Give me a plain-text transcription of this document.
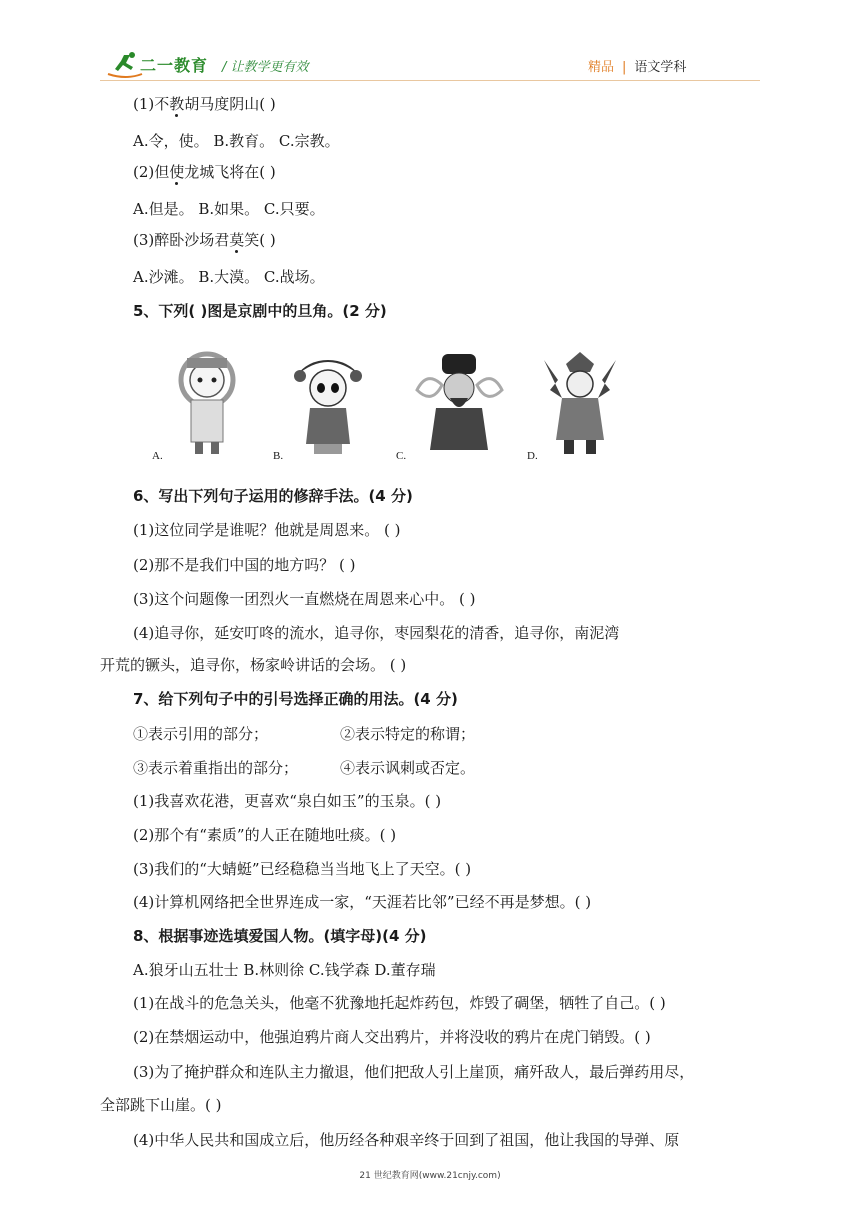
二一教育 / 让教学更有效	精品 | 语文学科
(1)不教胡马度阴山( )
A.令，使。 B.教育。 C.宗教。
(2)但使龙城飞将在( )
A.但是。 B.如果。 C.只要。
(3)醉卧沙场君莫笑( )
A.沙滩。 B.大漠。 C.战场。
5、下列( )图是京剧中的旦角。(2 分)
A.	B.	C.	D.
6、写出下列句子运用的修辞手法。(4 分)
(1)这位同学是谁呢？他就是周恩来。 ( )
(2)那不是我们中国的地方吗？ ( )
(3)这个问题像一团烈火一直燃烧在周恩来心中。 ( )
(4)追寻你，延安叮咚的流水，追寻你，枣园梨花的清香，追寻你，南泥湾
开荒的镢头，追寻你，杨家岭讲话的会场。 ( )
7、给下列句子中的引号选择正确的用法。(4 分)
①表示引用的部分；	②表示特定的称谓；
③表示着重指出的部分；	④表示讽刺或否定。
(1)我喜欢花港，更喜欢“泉白如玉”的玉泉。( )
(2)那个有“素质”的人正在随地吐痰。( )
(3)我们的“大蜻蜓”已经稳稳当当地飞上了天空。( )
(4)计算机网络把全世界连成一家，“天涯若比邻”已经不再是梦想。( )
8、根据事迹选填爱国人物。(填字母)(4 分)
A.狼牙山五壮士 B.林则徐 C.钱学森 D.董存瑞
(1)在战斗的危急关头，他毫不犹豫地托起炸药包，炸毁了碉堡，牺牲了自己。( )
(2)在禁烟运动中，他强迫鸦片商人交出鸦片，并将没收的鸦片在虎门销毁。( )
(3)为了掩护群众和连队主力撤退，他们把敌人引上崖顶，痛歼敌人，最后弹药用尽，
全部跳下山崖。( )
(4)中华人民共和国成立后，他历经各种艰辛终于回到了祖国，他让我国的导弹、原
21 世纪教育网(www.21cnjy.com)
